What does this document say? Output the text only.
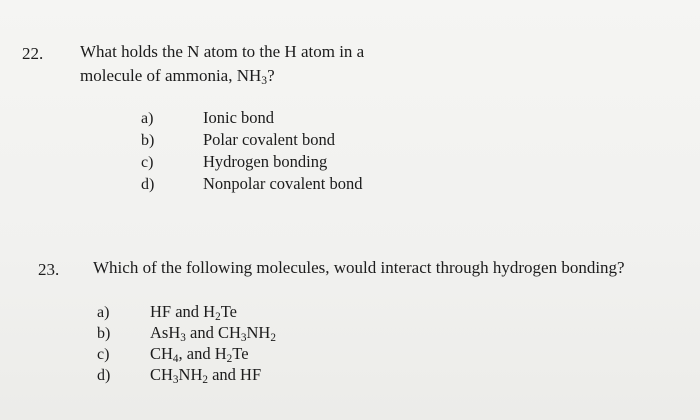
22. What holds the N atom to the H atom in a
molecule of ammonia, $NH_3$?
a)	Ionic bond
b)	Polar covalent bond
c)	Hydrogen bonding
d)	Nonpolar covalent bond
23. Which of the following molecules, would interact through hydrogen bonding?
a) HF and $H_2Te$
b) AsH$_3$ and $CH_3NH_2$
c) $CH_4$, and $H_2Te$
d) $CH_3NH_2$ and HF
